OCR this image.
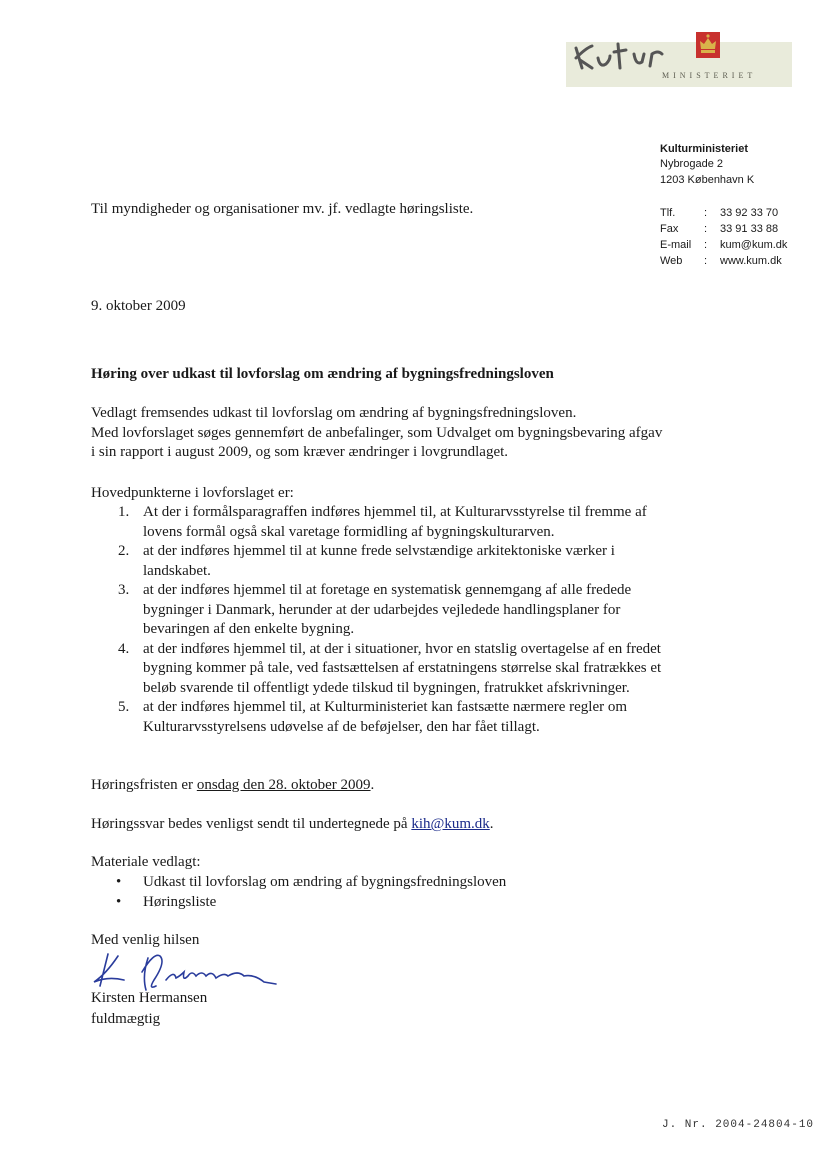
Kultur	MINISTERIET
Kulturministeriet
Nybrogade 2
1203 København K
Tlf.	:	33 92 33 70
Fax	:	33 91 33 88
E-mail	:	kum@kum.dk
Web	:	www.kum.dk
Til myndigheder og organisationer mv. jf. vedlagte høringsliste.
9. oktober 2009
Høring over udkast til lovforslag om ændring af bygningsfredningsloven
Vedlagt fremsendes udkast til lovforslag om ændring af bygningsfredningsloven.
Med lovforslaget søges gennemført de anbefalinger, som Udvalget om bygningsbevaring afgav i sin rapport i august 2009, og som kræver ændringer i lovgrundlaget.
Hovedpunkterne i lovforslaget er:
1. At der i formålsparagraffen indføres hjemmel til, at Kulturarvsstyrelse til fremme af lovens formål også skal varetage formidling af bygningskulturarven.
2. at der indføres hjemmel til at kunne frede selvstændige arkitektoniske værker i landskabet.
3. at der indføres hjemmel til at foretage en systematisk gennemgang af alle fredede bygninger i Danmark, herunder at der udarbejdes vejledede handlingsplaner for bevaringen af den enkelte bygning.
4. at der indføres hjemmel til, at der i situationer, hvor en statslig overtagelse af en fredet bygning kommer på tale, ved fastsættelsen af erstatningens størrelse skal fratrækkes et beløb svarende til offentligt ydede tilskud til bygningen, fratrukket afskrivninger.
5. at der indføres hjemmel til, at Kulturministeriet kan fastsætte nærmere regler om Kulturarvsstyrelsens udøvelse af de beføjelser, den har fået tillagt.
Høringsfristen er onsdag den 28. oktober 2009.
Høringssvar bedes venligst sendt til undertegnede på kih@kum.dk.
Materiale vedlagt:
•	Udkast til lovforslag om ændring af bygningsfredningsloven
•	Høringsliste
Med venlig hilsen
Kirsten Hermansen
fuldmægtig
J. Nr. 2004-24804-10
